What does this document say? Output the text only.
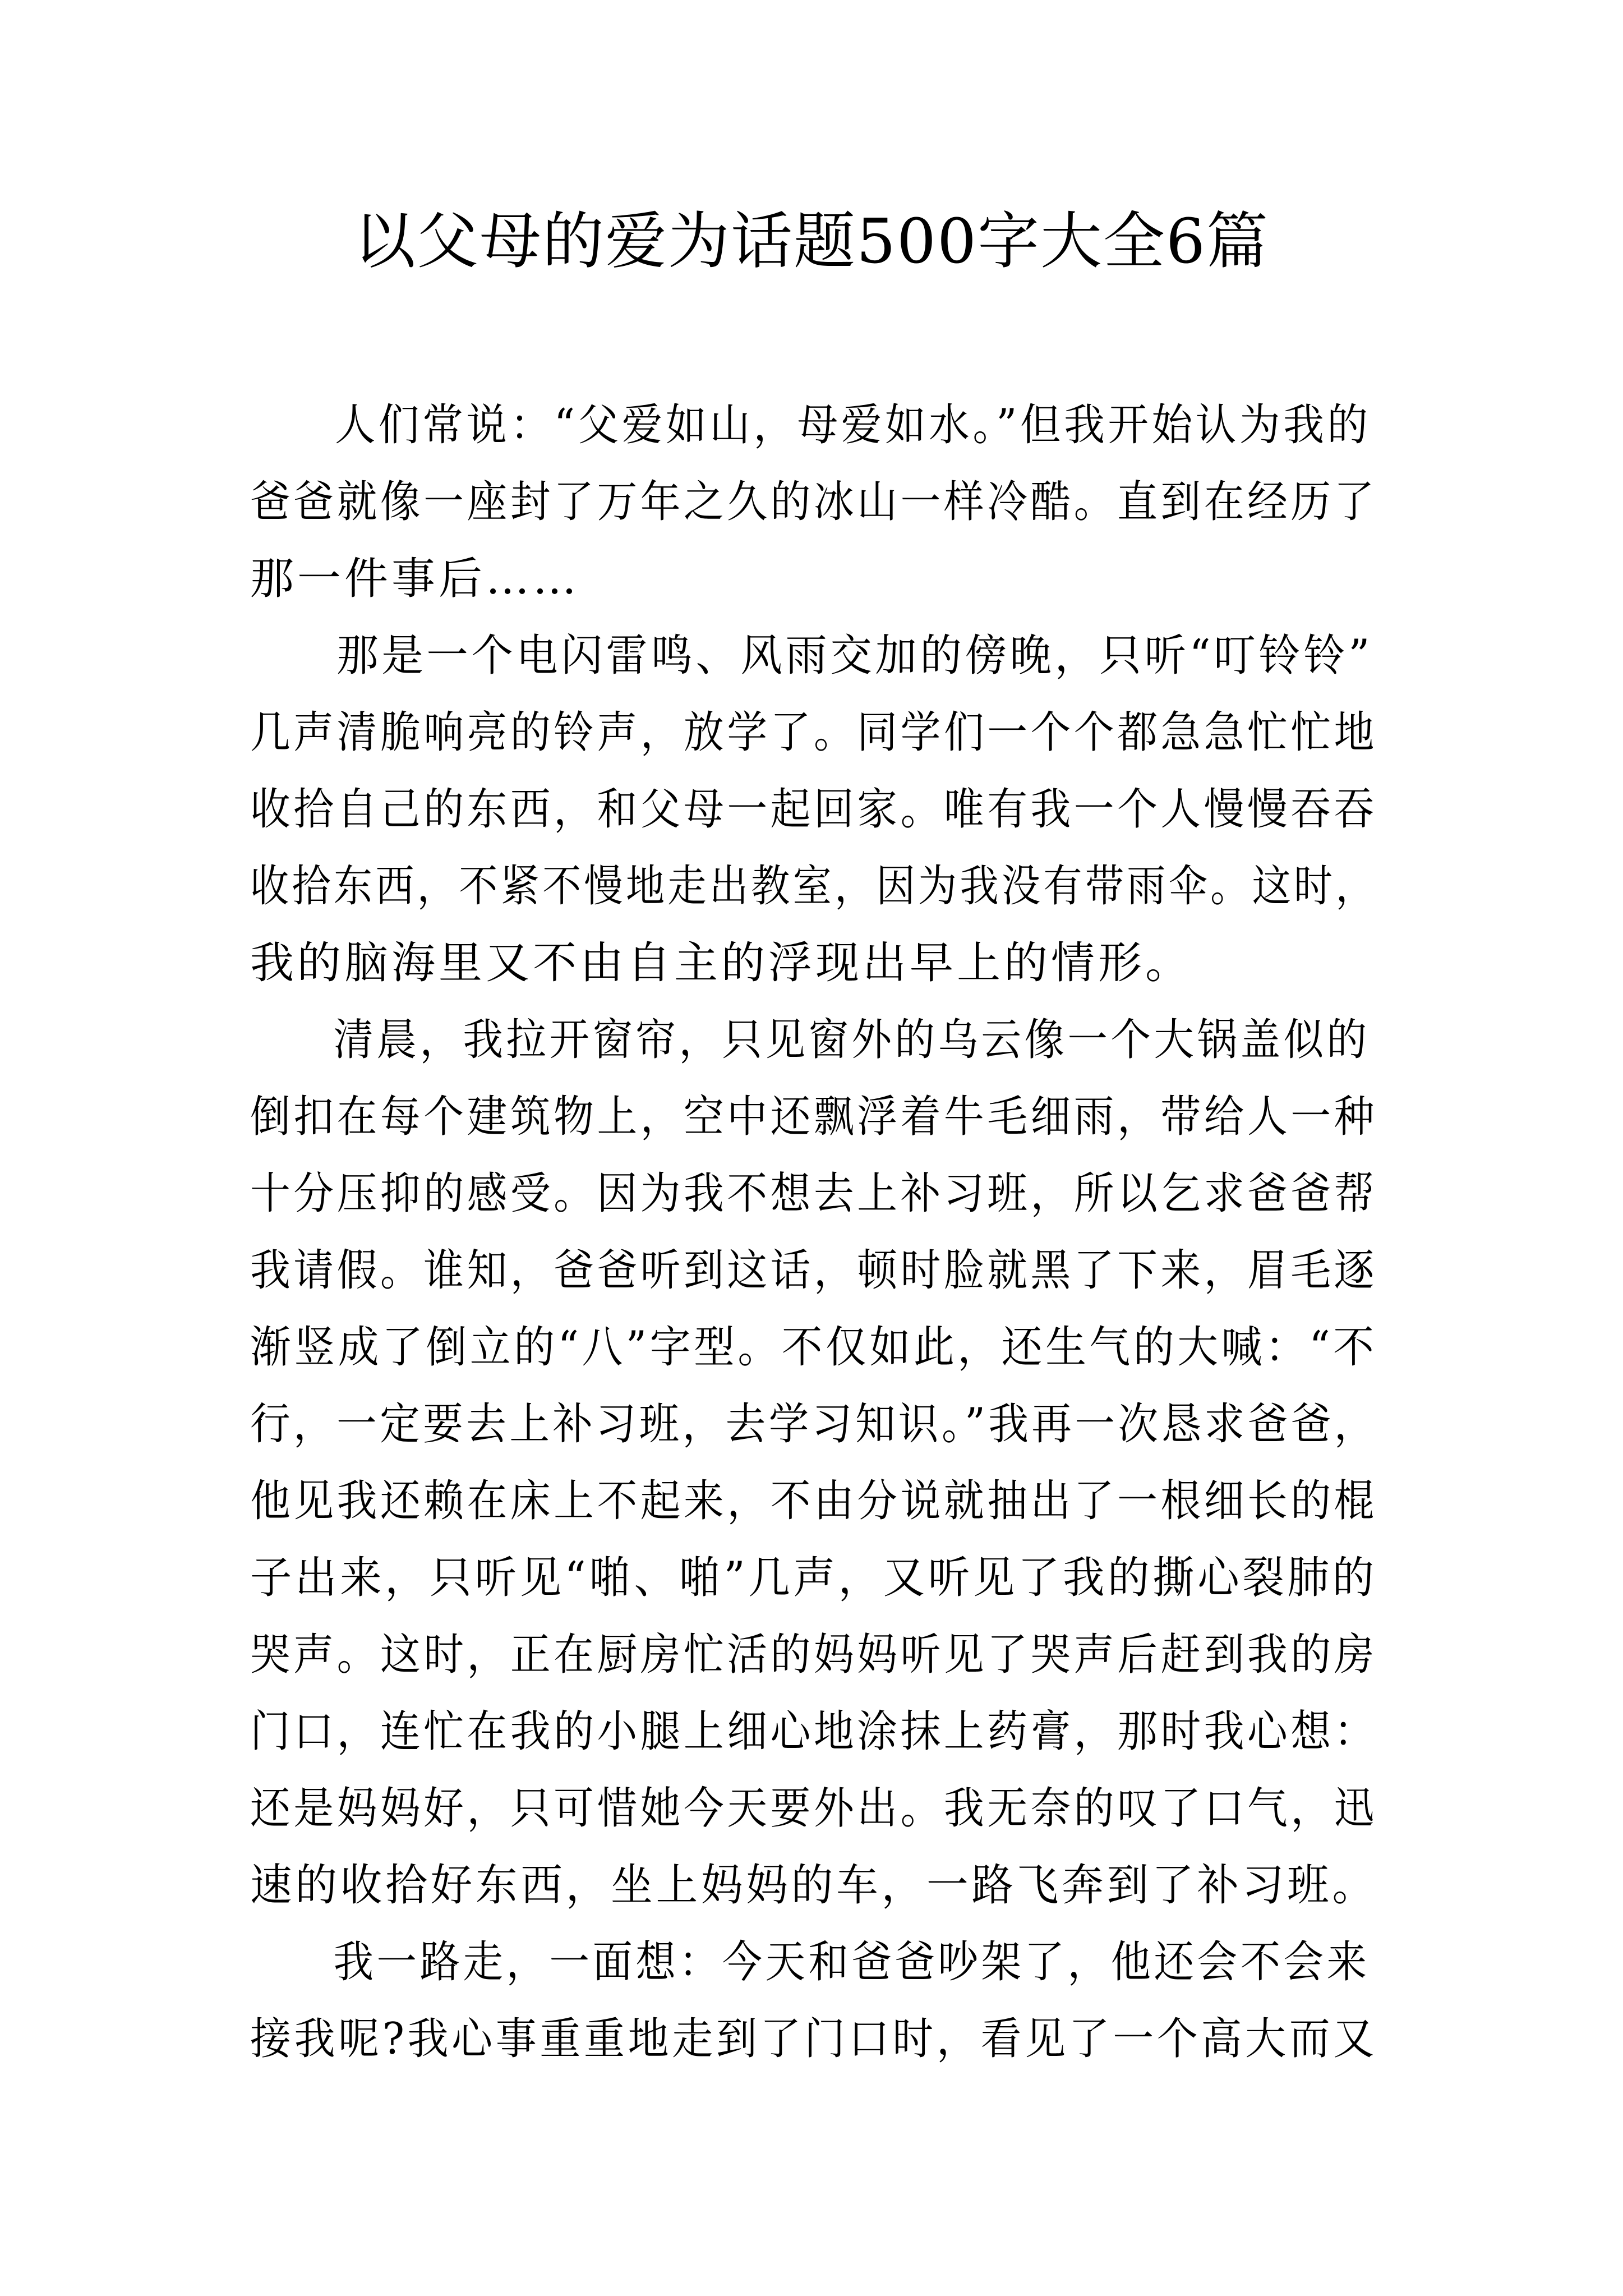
以父母的爱为话题500字大全6篇
人们常说：“父爱如山，母爱如水。”但我开始认为我的
爸爸就像一座封了万年之久的冰山一样冷酷。直到在经历了
那一件事后……
那是一个电闪雷鸣、风雨交加的傍晚，只听“叮铃铃”
几声清脆响亮的铃声，放学了。同学们一个个都急急忙忙地
收拾自己的东西，和父母一起回家。唯有我一个人慢慢吞吞
收拾东西，不紧不慢地走出教室，因为我没有带雨伞。这时，
我的脑海里又不由自主的浮现出早上的情形。
清晨，我拉开窗帘，只见窗外的乌云像一个大锅盖似的
倒扣在每个建筑物上，空中还飘浮着牛毛细雨，带给人一种
十分压抑的感受。因为我不想去上补习班，所以乞求爸爸帮
我请假。谁知，爸爸听到这话，顿时脸就黑了下来，眉毛逐
渐竖成了倒立的“八”字型。不仅如此，还生气的大喊：“不
行，一定要去上补习班，去学习知识。”我再一次恳求爸爸，
他见我还赖在床上不起来，不由分说就抽出了一根细长的棍
子出来，只听见“啪、啪”几声，又听见了我的撕心裂肺的
哭声。这时，正在厨房忙活的妈妈听见了哭声后赶到我的房
门口，连忙在我的小腿上细心地涂抹上药膏，那时我心想：
还是妈妈好，只可惜她今天要外出。我无奈的叹了口气，迅
速的收拾好东西，坐上妈妈的车，一路飞奔到了补习班。
我一路走，一面想：今天和爸爸吵架了，他还会不会来
接我呢?我心事重重地走到了门口时，看见了一个高大而又
